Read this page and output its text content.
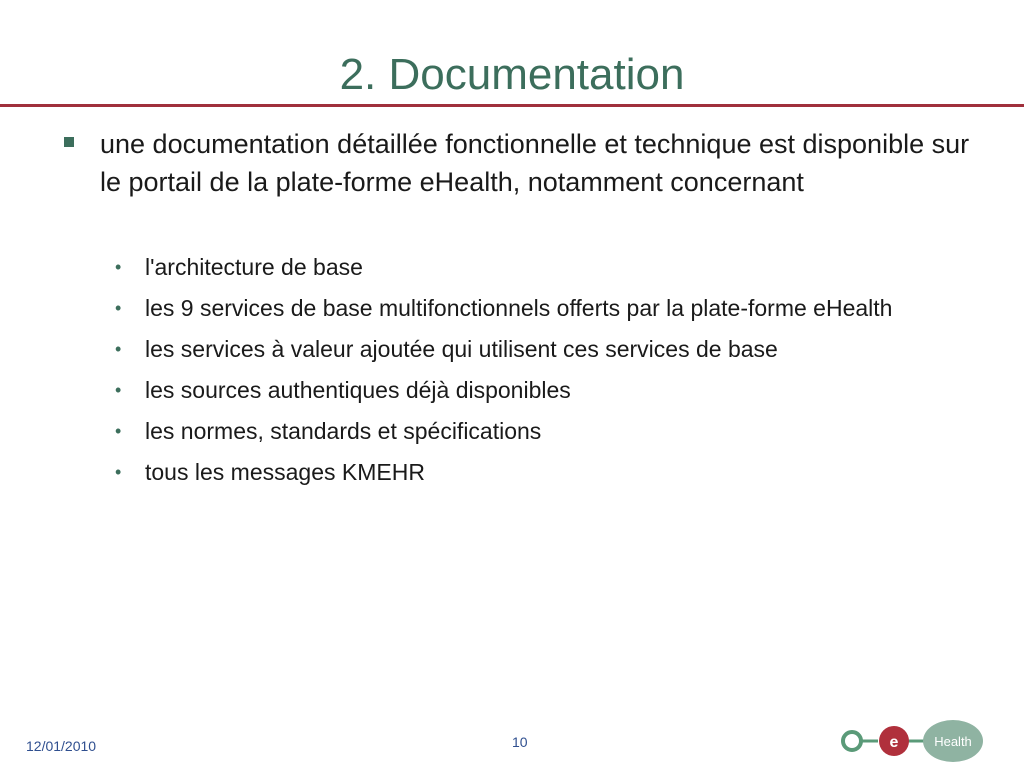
2. Documentation
une documentation détaillée fonctionnelle et technique est disponible sur le portail de la plate-forme eHealth, notamment concernant
• l'architecture de base
• les 9 services de base multifonctionnels offerts par la plate-forme eHealth
• les services à valeur ajoutée qui utilisent ces services de base
• les sources authentiques déjà disponibles
• les normes, standards et spécifications
• tous les messages KMEHR
12/01/2010	10	e	Health
